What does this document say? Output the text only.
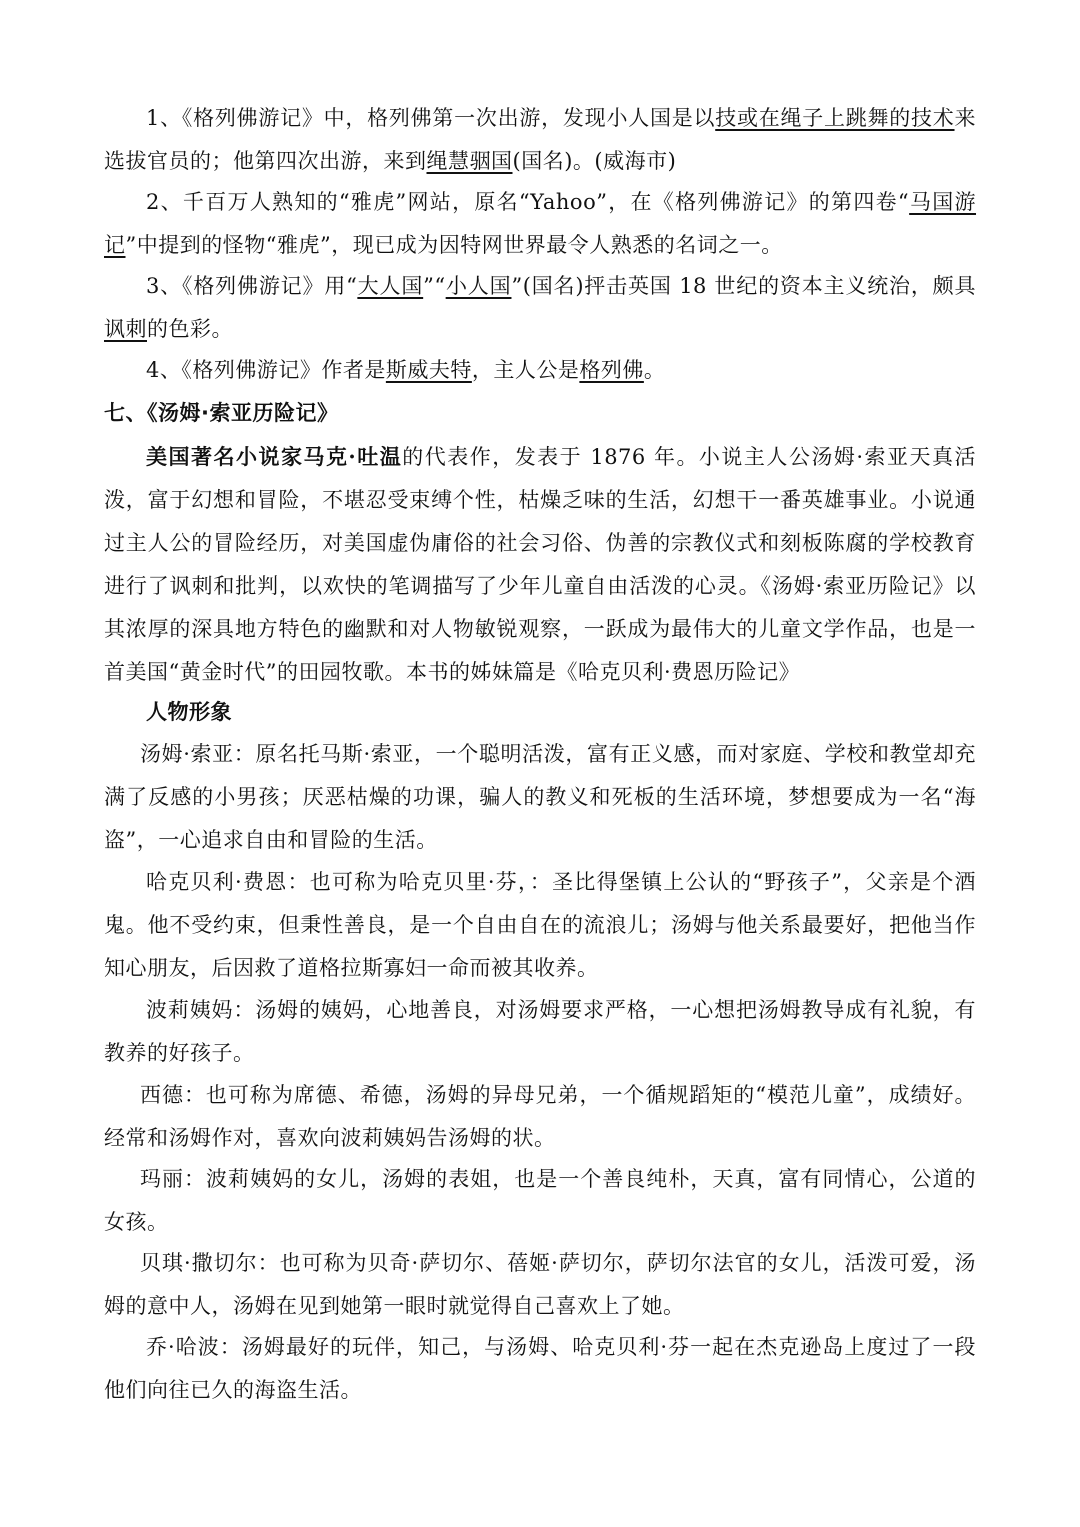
1、《格列佛游记》中，格列佛第一次出游，发现小人国是以技或在绳子上跳舞的技术来选拔官员的；他第四次出游，来到绳慧骃国(国名)。(威海市)

2、千百万人熟知的“雅虎”网站，原名“Yahoo”，在《格列佛游记》的第四卷“马国游记”中提到的怪物“雅虎”，现已成为因特网世界最令人熟悉的名词之一。

3、《格列佛游记》用“大人国”“小人国”(国名)抨击英国 18 世纪的资本主义统治，颇具讽刺的色彩。

4、《格列佛游记》作者是斯威夫特，主人公是格列佛。

七、《汤姆·索亚历险记》

美国著名小说家马克·吐温的代表作，发表于 1876 年。小说主人公汤姆·索亚天真活泼，富于幻想和冒险，不堪忍受束缚个性，枯燥乏味的生活，幻想干一番英雄事业。小说通过主人公的冒险经历，对美国虚伪庸俗的社会习俗、伪善的宗教仪式和刻板陈腐的学校教育进行了讽刺和批判，以欢快的笔调描写了少年儿童自由活泼的心灵。《汤姆·索亚历险记》以其浓厚的深具地方特色的幽默和对人物敏锐观察，一跃成为最伟大的儿童文学作品，也是一首美国“黄金时代”的田园牧歌。本书的姊妹篇是《哈克贝利·费恩历险记》

人物形象

汤姆·索亚：原名托马斯·索亚，一个聪明活泼，富有正义感，而对家庭、学校和教堂却充满了反感的小男孩；厌恶枯燥的功课，骗人的教义和死板的生活环境，梦想要成为一名“海盗”，一心追求自由和冒险的生活。

哈克贝利·费恩：也可称为哈克贝里·芬，：圣比得堡镇上公认的“野孩子”，父亲是个酒鬼。他不受约束，但秉性善良，是一个自由自在的流浪儿；汤姆与他关系最要好，把他当作知心朋友，后因救了道格拉斯寡妇一命而被其收养。

波莉姨妈：汤姆的姨妈，心地善良，对汤姆要求严格，一心想把汤姆教导成有礼貌，有教养的好孩子。

西德：也可称为席德、希德，汤姆的异母兄弟，一个循规蹈矩的“模范儿童”，成绩好。经常和汤姆作对，喜欢向波莉姨妈告汤姆的状。

玛丽：波莉姨妈的女儿，汤姆的表姐，也是一个善良纯朴，天真，富有同情心，公道的女孩。

贝琪·撒切尔：也可称为贝奇·萨切尔、蓓姬·萨切尔，萨切尔法官的女儿，活泼可爱，汤姆的意中人，汤姆在见到她第一眼时就觉得自己喜欢上了她。

乔·哈波：汤姆最好的玩伴，知己，与汤姆、哈克贝利·芬一起在杰克逊岛上度过了一段他们向往已久的海盗生活。
